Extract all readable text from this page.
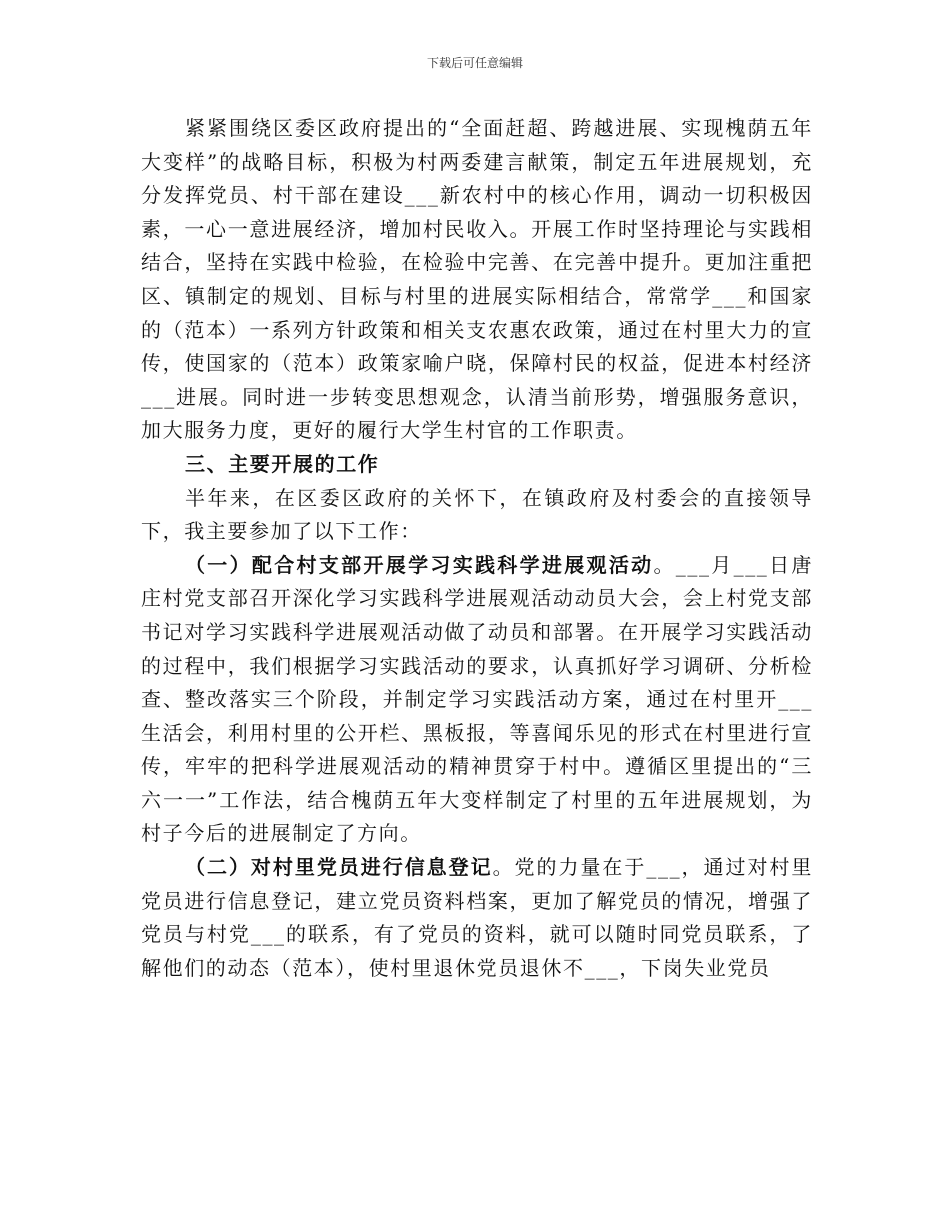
下载后可任意编辑

紧紧围绕区委区政府提出的“全面赶超、跨越进展、实现槐荫五年大变样”的战略目标，积极为村两委建言献策，制定五年进展规划，充分发挥党员、村干部在建设___新农村中的核心作用，调动一切积极因素，一心一意进展经济，增加村民收入。开展工作时坚持理论与实践相结合，坚持在实践中检验，在检验中完善、在完善中提升。更加注重把区、镇制定的规划、目标与村里的进展实际相结合，常常学___和国家的（范本）一系列方针政策和相关支农惠农政策，通过在村里大力的宣传，使国家的（范本）政策家喻户晓，保障村民的权益，促进本村经济___进展。同时进一步转变思想观念，认清当前形势，增强服务意识，加大服务力度，更好的履行大学生村官的工作职责。

三、主要开展的工作

半年来，在区委区政府的关怀下，在镇政府及村委会的直接领导下，我主要参加了以下工作：

（一）配合村支部开展学习实践科学进展观活动。___月___日唐庄村党支部召开深化学习实践科学进展观活动动员大会，会上村党支部书记对学习实践科学进展观活动做了动员和部署。在开展学习实践活动的过程中，我们根据学习实践活动的要求，认真抓好学习调研、分析检查、整改落实三个阶段，并制定学习实践活动方案，通过在村里开___生活会，利用村里的公开栏、黑板报，等喜闻乐见的形式在村里进行宣传，牢牢的把科学进展观活动的精神贯穿于村中。遵循区里提出的“三六一一”工作法，结合槐荫五年大变样制定了村里的五年进展规划，为村子今后的进展制定了方向。

（二）对村里党员进行信息登记。党的力量在于___，通过对村里党员进行信息登记，建立党员资料档案，更加了解党员的情况，增强了党员与村党___的联系，有了党员的资料，就可以随时同党员联系，了解他们的动态（范本），使村里退休党员退休不___，下岗失业党员
